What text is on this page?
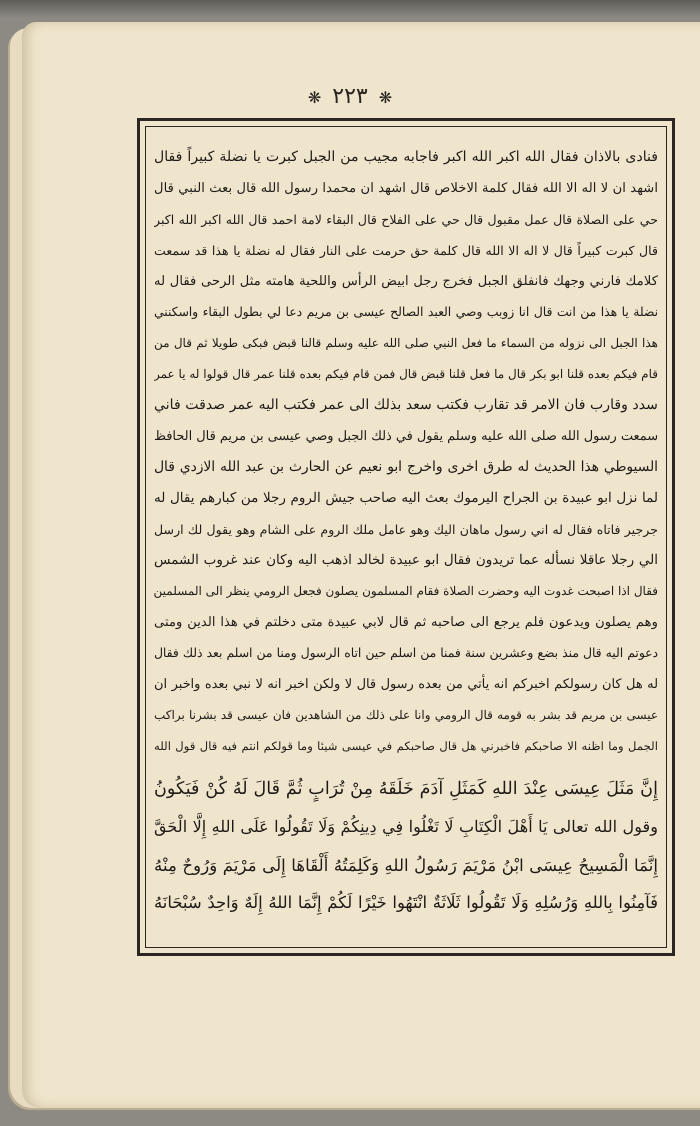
❋ ٢٢٣ ❋
فنادى بالاذان فقال الله اكبر الله اكبر فاجابه مجيب من الجبل كبرت يا نضلة كبيراً فقال
اشهد ان لا اله الا الله فقال كلمة الاخلاص قال اشهد ان محمدا رسول الله قال بعث النبي قال
حي على الصلاة قال عمل مقبول قال حي على الفلاح قال البقاء لامة احمد قال الله اكبر الله اكبر
قال كبرت كبيراً قال لا اله الا الله قال كلمة حق حرمت على النار فقال له نضلة يا هذا قد سمعت
كلامك فارني وجهك فانفلق الجبل فخرج رجل ابيض الرأس واللحية هامته مثل الرحى فقال له
نضلة يا هذا من انت قال انا زوبب وصي العبد الصالح عيسى بن مريم دعا لي بطول البقاء واسكنني
هذا الجبل الى نزوله من السماء ما فعل النبي صلى الله عليه وسلم قالنا قبض فبكى طويلا ثم قال من
قام فيكم بعده قلنا ابو بكر قال ما فعل قلنا قبض قال فمن قام فيكم بعده قلنا عمر قال قولوا له يا عمر
سدد وقارب فان الامر قد تقارب فكتب سعد بذلك الى عمر فكتب اليه عمر صدقت فاني
سمعت رسول الله صلى الله عليه وسلم يقول في ذلك الجبل وصي عيسى بن مريم قال الحافظ
السيوطي هذا الحديث له طرق اخرى واخرج ابو نعيم عن الحارث بن عبد الله الازدي قال
لما نزل ابو عبيدة بن الجراح اليرموك بعث اليه صاحب جيش الروم رجلا من كبارهم يقال له
جرجير فاتاه فقال له اني رسول ماهان اليك وهو عامل ملك الروم على الشام وهو يقول لك ارسل
الي رجلا عاقلا نسأله عما تريدون فقال ابو عبيدة لخالد اذهب اليه وكان عند غروب الشمس
فقال اذا اصبحت غدوت اليه وحضرت الصلاة فقام المسلمون يصلون فجعل الرومي ينظر الى المسلمين
وهم يصلون ويدعون فلم يرجع الى صاحبه ثم قال لابي عبيدة متى دخلتم في هذا الدين ومتى
دعوتم اليه قال منذ بضع وعشرين سنة فمنا من اسلم حين اتاه الرسول ومنا من اسلم بعد ذلك فقال
له هل كان رسولكم اخبركم انه يأتي من بعده رسول قال لا ولكن اخبر انه لا نبي بعده واخبر ان
عيسى بن مريم قد بشر به قومه قال الرومي وانا على ذلك من الشاهدين فان عيسى قد بشرنا براكب
الجمل وما اظنه الا صاحبكم فاخبرني هل قال صاحبكم في عيسى شيئا وما قولكم انتم فيه قال قول الله
إِنَّ مَثَلَ عِيسَى عِنْدَ اللهِ كَمَثَلِ آدَمَ خَلَقَهُ مِنْ تُرَابٍ ثُمَّ قَالَ لَهُ كُنْ فَيَكُونُ
وقول الله تعالى يَا أَهْلَ الْكِتَابِ لَا تَغْلُوا فِي دِينِكُمْ وَلَا تَقُولُوا عَلَى اللهِ إِلَّا الْحَقَّ
إِنَّمَا الْمَسِيحُ عِيسَى ابْنُ مَرْيَمَ رَسُولُ اللهِ وَكَلِمَتُهُ أَلْقَاهَا إِلَى مَرْيَمَ وَرُوحٌ مِنْهُ
فَآمِنُوا بِاللهِ وَرُسُلِهِ وَلَا تَقُولُوا ثَلَاثَةٌ انْتَهُوا خَيْرًا لَكُمْ إِنَّمَا اللهُ إِلَهٌ وَاحِدٌ سُبْحَانَهُ
